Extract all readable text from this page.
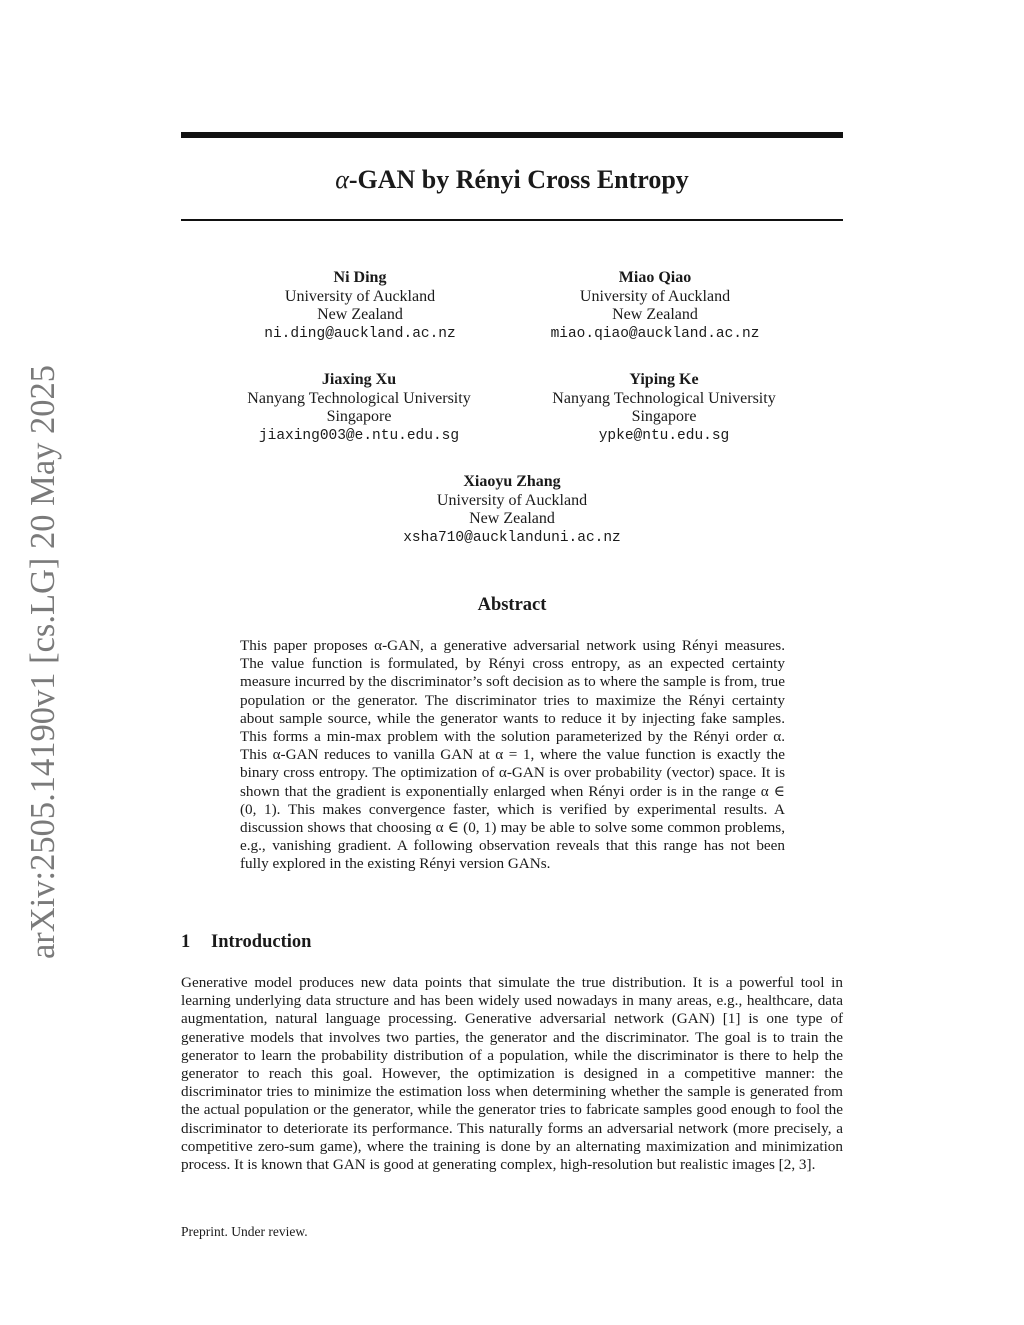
arXiv:2505.14190v1 [cs.LG] 20 May 2025
α-GAN by Rényi Cross Entropy
Ni Ding
University of Auckland
New Zealand
ni.ding@auckland.ac.nz
Miao Qiao
University of Auckland
New Zealand
miao.qiao@auckland.ac.nz
Jiaxing Xu
Nanyang Technological University
Singapore
jiaxing003@e.ntu.edu.sg
Yiping Ke
Nanyang Technological University
Singapore
ypke@ntu.edu.sg
Xiaoyu Zhang
University of Auckland
New Zealand
xsha710@aucklanduni.ac.nz
Abstract
This paper proposes α-GAN, a generative adversarial network using Rényi measures. The value function is formulated, by Rényi cross entropy, as an expected certainty measure incurred by the discriminator’s soft decision as to where the sample is from, true population or the generator. The discriminator tries to maximize the Rényi certainty about sample source, while the generator wants to reduce it by injecting fake samples. This forms a min-max problem with the solution parameterized by the Rényi order α. This α-GAN reduces to vanilla GAN at α = 1, where the value function is exactly the binary cross entropy. The optimization of α-GAN is over probability (vector) space. It is shown that the gradient is exponentially enlarged when Rényi order is in the range α ∈ (0, 1). This makes convergence faster, which is verified by experimental results. A discussion shows that choosing α ∈ (0, 1) may be able to solve some common problems, e.g., vanishing gradient. A following observation reveals that this range has not been fully explored in the existing Rényi version GANs.
1 Introduction
Generative model produces new data points that simulate the true distribution. It is a powerful tool in learning underlying data structure and has been widely used nowadays in many areas, e.g., healthcare, data augmentation, natural language processing. Generative adversarial network (GAN) [1] is one type of generative models that involves two parties, the generator and the discriminator. The goal is to train the generator to learn the probability distribution of a population, while the discriminator is there to help the generator to reach this goal. However, the optimization is designed in a competitive manner: the discriminator tries to minimize the estimation loss when determining whether the sample is generated from the actual population or the generator, while the generator tries to fabricate samples good enough to fool the discriminator to deteriorate its performance. This naturally forms an adversarial network (more precisely, a competitive zero-sum game), where the training is done by an alternating maximization and minimization process. It is known that GAN is good at generating complex, high-resolution but realistic images [2, 3].
Preprint. Under review.
